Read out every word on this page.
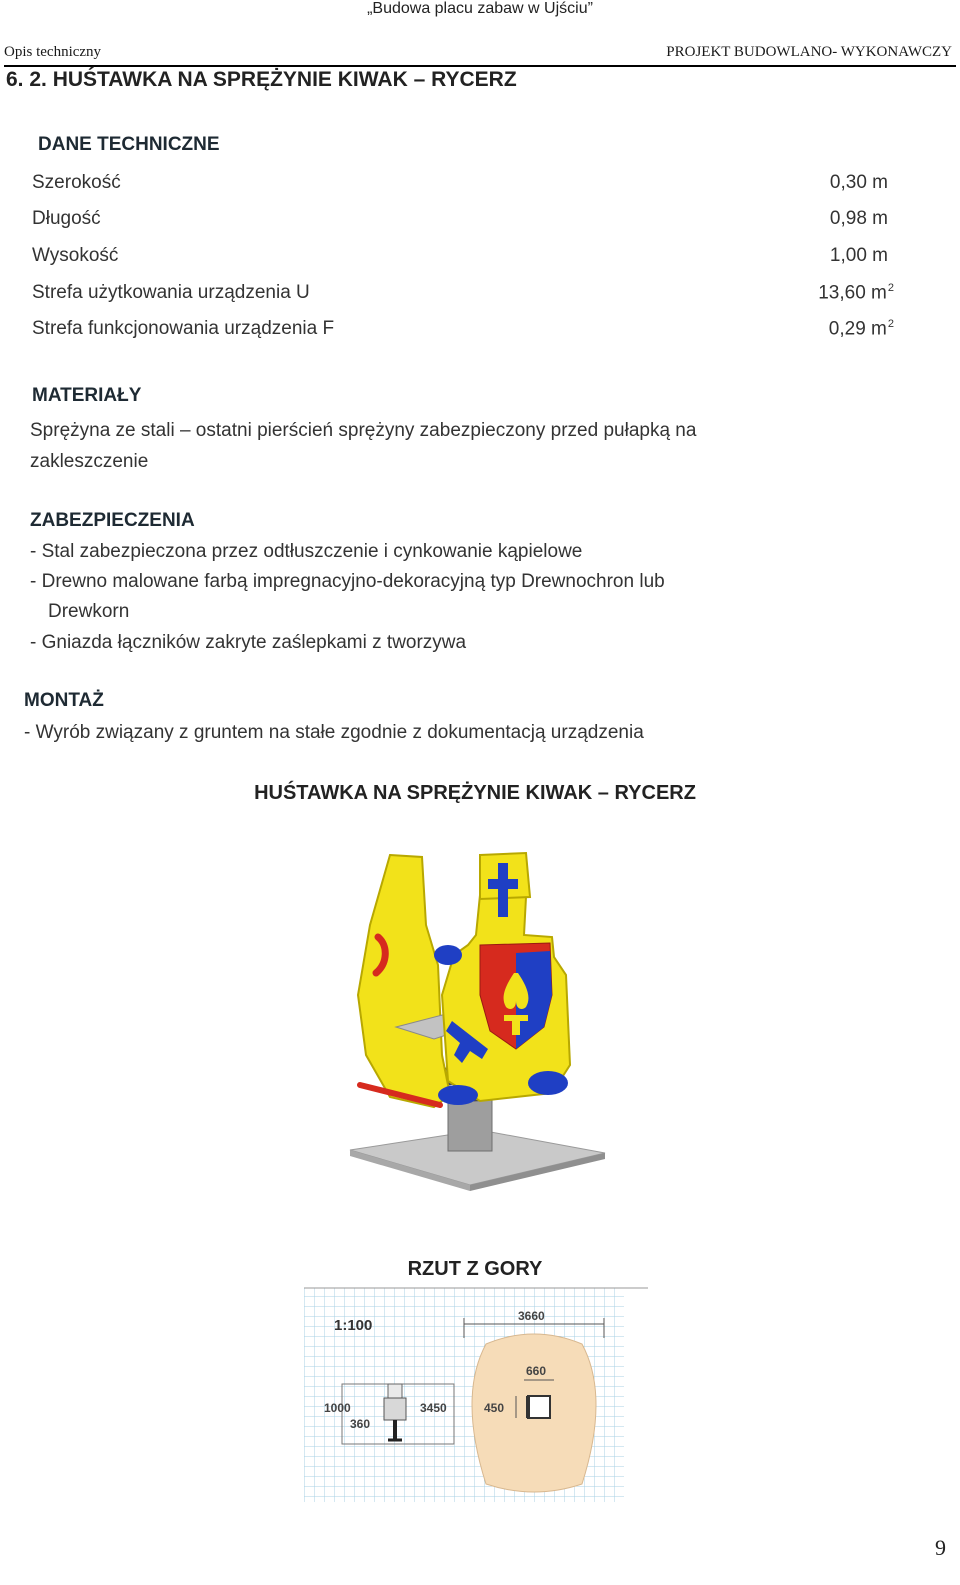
„Budowa placu zabaw w Ujściu”
Opis techniczny	PROJEKT BUDOWLANO- WYKONAWCZY
6. 2. HUŚTAWKA NA SPRĘŻYNIE KIWAK – RYCERZ
DANE TECHNICZNE
Szerokość	0,30 m
Długość	0,98 m
Wysokość	1,00 m
Strefa użytkowania urządzenia U	13,60 $m^2$
Strefa funkcjonowania urządzenia F	0,29 $m^2$
MATERIAŁY
Sprężyna ze stali – ostatni pierścień sprężyny zabezpieczony przed pułapką na
zakleszczenie
ZABEZPIECZENIA
- Stal zabezpieczona przez odtłuszczenie i cynkowanie kąpielowe
- Drewno malowane farbą impregnacyjno-dekoracyjną typ Drewnochron lub
Drewkorn
- Gniazda łączników zakryte zaślepkami z tworzywa
MONTAŻ
- Wyrób związany z gruntem na stałe zgodnie z dokumentacją urządzenia
HUŚTAWKA NA SPRĘŻYNIE KIWAK – RYCERZ
RZUT Z GORY
1:100
3660
660
450
1000
360
3450
9
